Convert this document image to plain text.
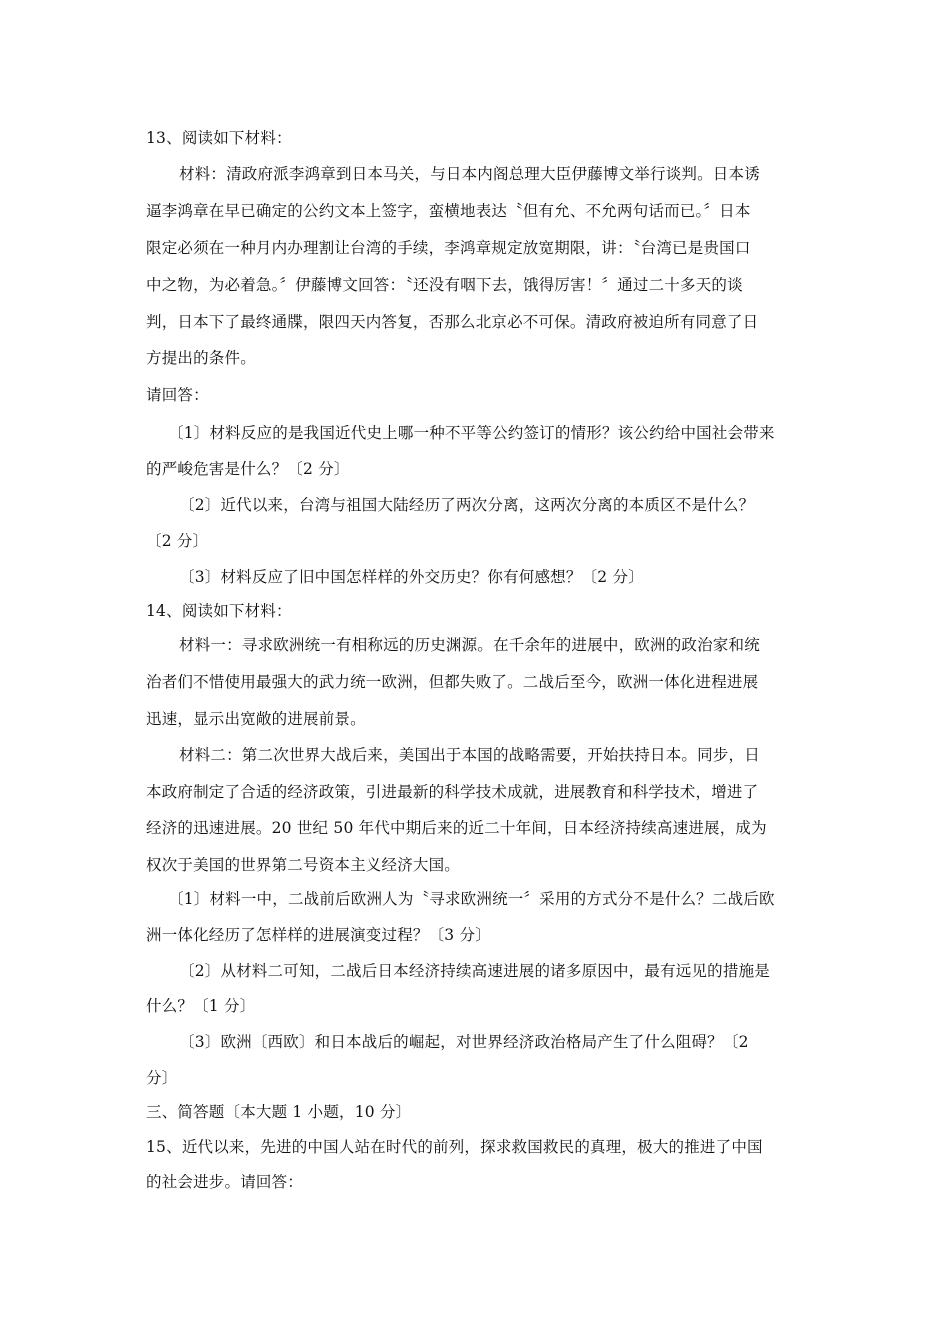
13、阅读如下材料：
材料：清政府派李鸿章到日本马关，与日本内阁总理大臣伊藤博文举行谈判。日本诱
逼李鸿章在早已确定的公约文本上签字，蛮横地表达〝但有允、不允两句话而已。〞日本
限定必须在一种月内办理割让台湾的手续，李鸿章规定放宽期限，讲：〝台湾已是贵国口
中之物，为必着急。〞伊藤博文回答：〝还没有咽下去，饿得厉害！〞通过二十多天的谈
判，日本下了最终通牒，限四天内答复，否那么北京必不可保。清政府被迫所有同意了日
方提出的条件。
请回答：
〔1〕材料反应的是我国近代史上哪一种不平等公约签订的情形？该公约给中国社会带来
的严峻危害是什么？〔2 分〕
〔2〕近代以来，台湾与祖国大陆经历了两次分离，这两次分离的本质区不是什么？
〔2 分〕
〔3〕材料反应了旧中国怎样样的外交历史？你有何感想？〔2 分〕
14、阅读如下材料：
材料一：寻求欧洲统一有相称远的历史渊源。在千余年的进展中，欧洲的政治家和统
治者们不惜使用最强大的武力统一欧洲，但都失败了。二战后至今，欧洲一体化进程进展
迅速，显示出宽敞的进展前景。
材料二：第二次世界大战后来，美国出于本国的战略需要，开始扶持日本。同步，日
本政府制定了合适的经济政策，引进最新的科学技术成就，进展教育和科学技术，增进了
经济的迅速进展。20 世纪 50 年代中期后来的近二十年间，日本经济持续高速进展，成为
权次于美国的世界第二号资本主义经济大国。
〔1〕材料一中，二战前后欧洲人为〝寻求欧洲统一〞采用的方式分不是什么？二战后欧
洲一体化经历了怎样样的进展演变过程？〔3 分〕
〔2〕从材料二可知，二战后日本经济持续高速进展的诸多原因中，最有远见的措施是
什么？〔1 分〕
〔3〕欧洲〔西欧〕和日本战后的崛起，对世界经济政治格局产生了什么阻碍？〔2
分〕
三、简答题〔本大题 1 小题，10 分〕
15、近代以来，先进的中国人站在时代的前列，探求救国救民的真理，极大的推进了中国
的社会进步。请回答：
